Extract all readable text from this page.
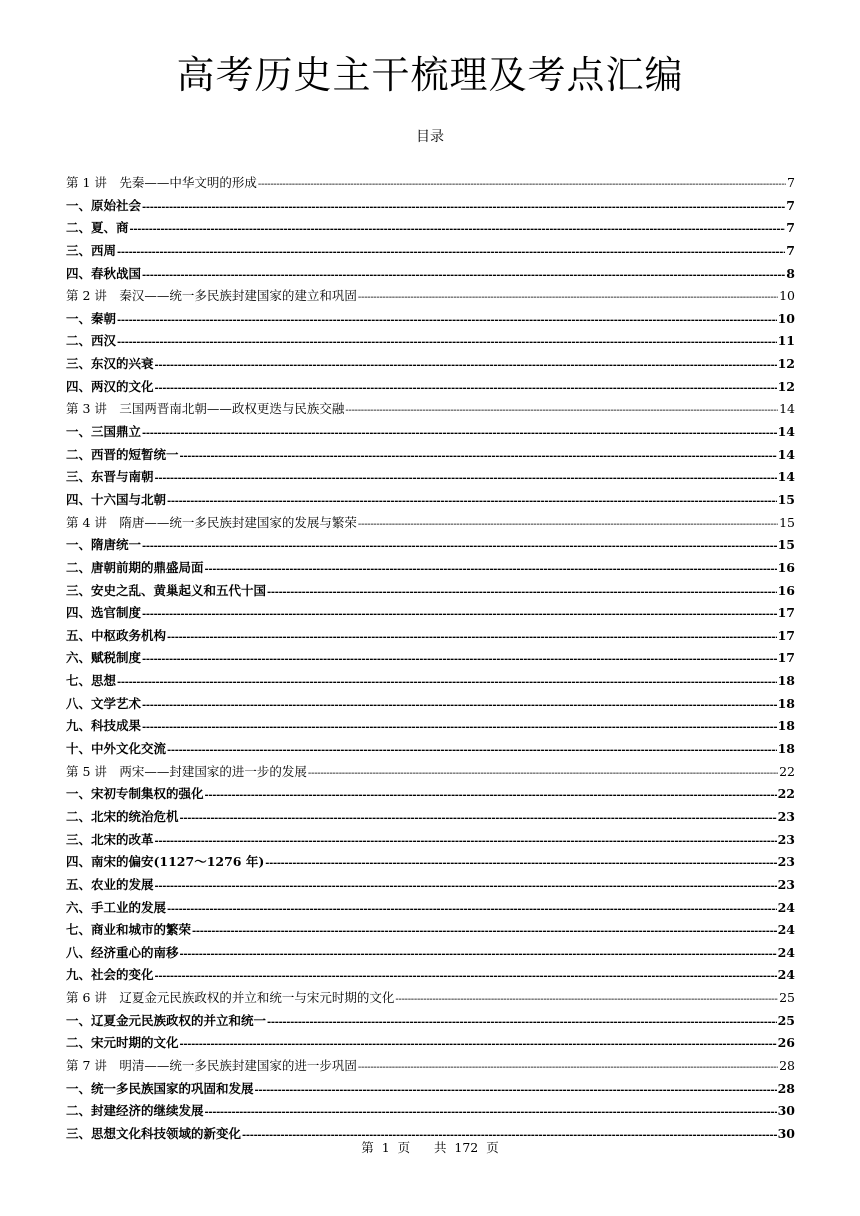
高考历史主干梳理及考点汇编
目录
第 1 讲　先秦——中华文明的形成 -----	7
一、原始社会 -----	7
二、夏、商 -----	7
三、西周 -----	7
四、春秋战国 -----	8
第 2 讲　秦汉——统一多民族封建国家的建立和巩固 -----	10
一、秦朝 -----	10
二、西汉 -----	11
三、东汉的兴衰 -----	12
四、两汉的文化 -----	12
第 3 讲　三国两晋南北朝——政权更迭与民族交融 -----	14
一、三国鼎立 -----	14
二、西晋的短暂统一 -----	14
三、东晋与南朝 -----	14
四、十六国与北朝 -----	15
第 4 讲　隋唐——统一多民族封建国家的发展与繁荣 -----	15
一、隋唐统一 -----	15
二、唐朝前期的鼎盛局面 -----	16
三、安史之乱、黄巢起义和五代十国 -----	16
四、选官制度 -----	17
五、中枢政务机构 -----	17
六、赋税制度 -----	17
七、思想 -----	18
八、文学艺术 -----	18
九、科技成果 -----	18
十、中外文化交流 -----	18
第 5 讲　两宋——封建国家的进一步的发展 -----	22
一、宋初专制集权的强化 -----	22
二、北宋的统治危机 -----	23
三、北宋的改革 -----	23
四、南宋的偏安(1127～1276 年) -----	23
五、农业的发展 -----	23
六、手工业的发展 -----	24
七、商业和城市的繁荣 -----	24
八、经济重心的南移 -----	24
九、社会的变化 -----	24
第 6 讲　辽夏金元民族政权的并立和统一与宋元时期的文化 -----	25
一、辽夏金元民族政权的并立和统一 -----	25
二、宋元时期的文化 -----	26
第 7 讲　明清——统一多民族封建国家的进一步巩固 -----	28
一、统一多民族国家的巩固和发展 -----	28
二、封建经济的继续发展 -----	30
三、思想文化科技领域的新变化 -----	30
第  1  页      共  172  页
